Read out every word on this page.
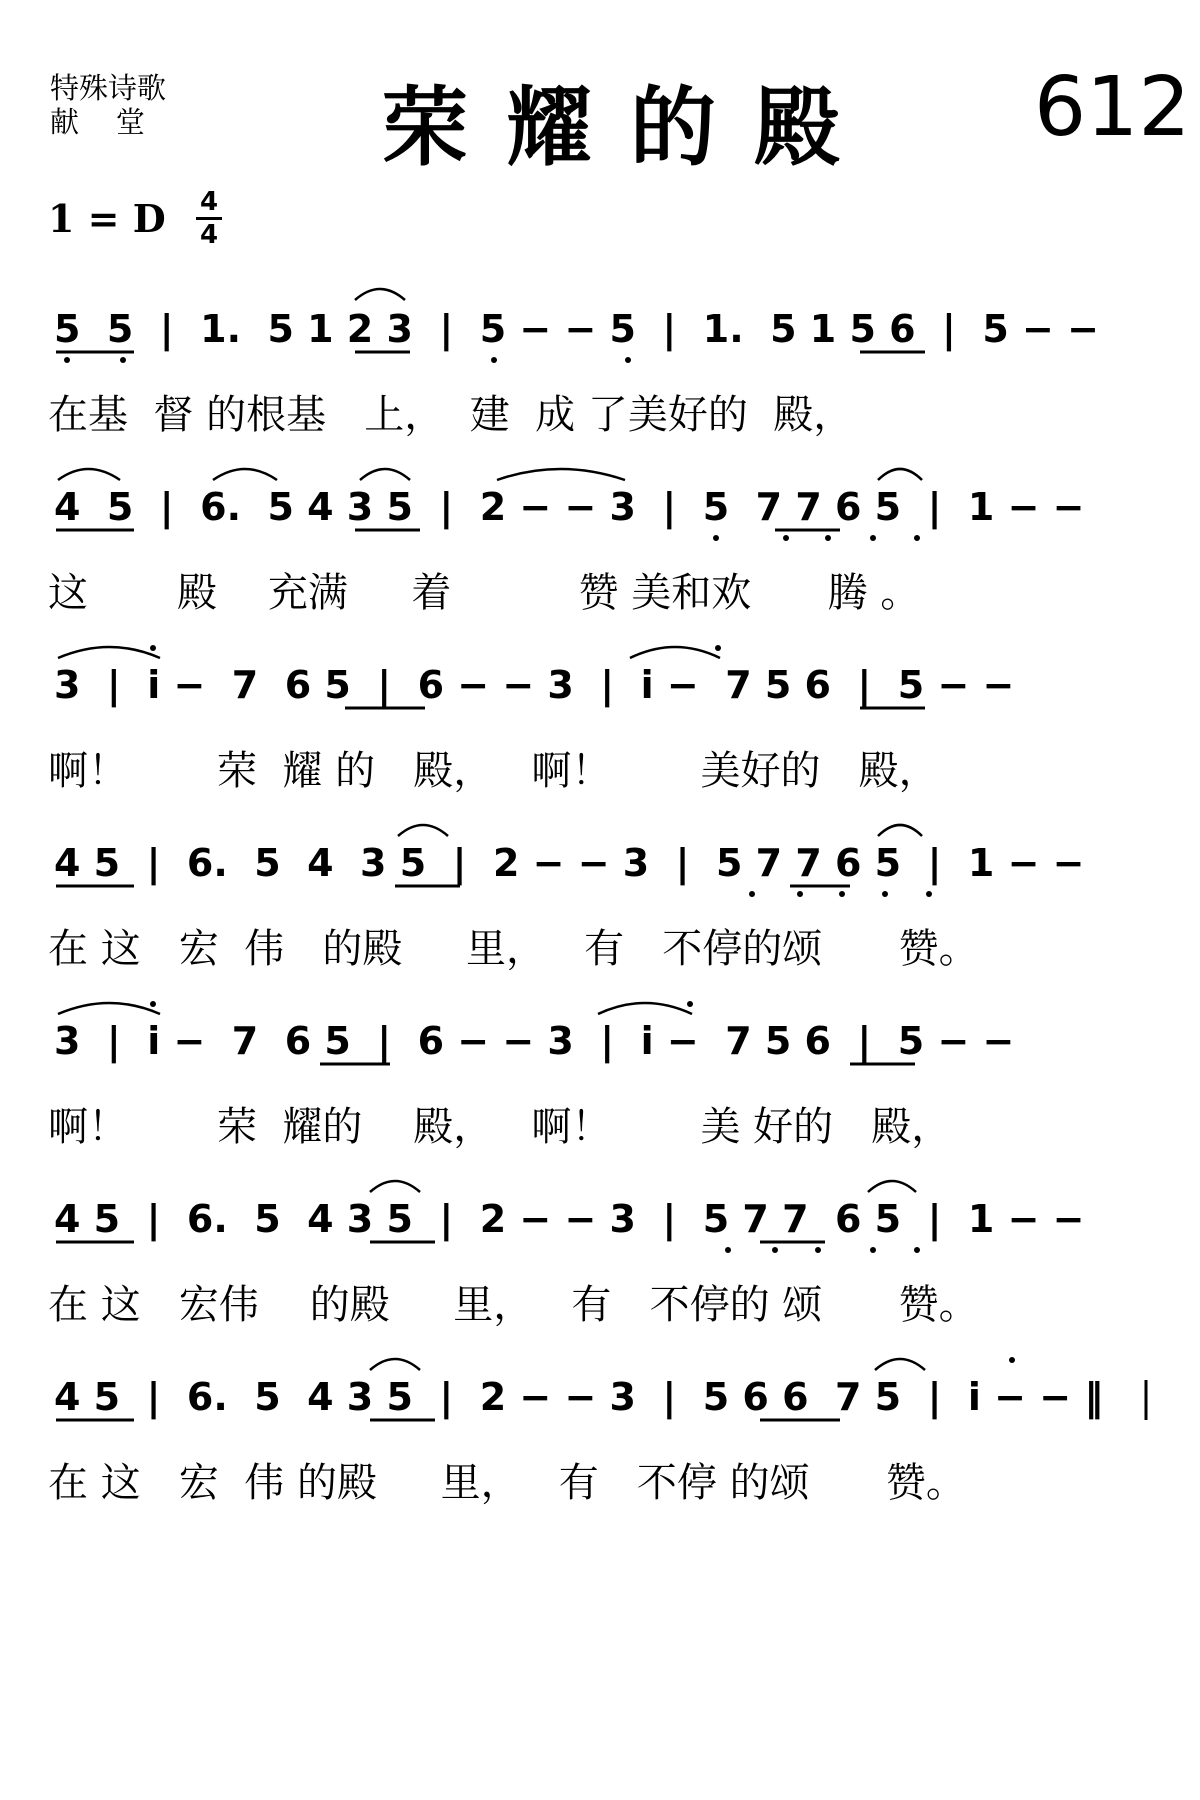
特殊诗歌
献    堂	荣耀的殿 612
1 = D 4
4
5  5  |  1.  5 1 2 3  |  5 − − 5  |  1.  5 1 5 6  |  5 − −
在基  督 的根基   上，  建  成 了美好的  殿，
4  5  |  6.  5 4 3 5  |  2 − − 3  |  5  7 7 6 5  |  1 − −
这       殿    充满     着          赞 美和欢      腾 。
3  |  i −  7  6 5  |  6 − − 3  |  i −  7 5 6  |  5 − −
啊！       荣  耀 的   殿，   啊！       美好的   殿，
4 5  |  6.  5  4  3 5  |  2 − − 3  |  5 7 7 6 5  |  1 − −
在 这   宏  伟   的殿     里，   有   不停的颂      赞。
3  |  i −  7  6 5  |  6 − − 3  |  i −  7 5 6  |  5 − −
啊！       荣  耀的    殿，   啊！       美 好的   殿，
4 5  |  6.  5  4 3 5  |  2 − − 3  |  5 7 7  6 5  |  1 − −
在 这   宏伟    的殿     里，   有   不停的 颂      赞。
4 5  |  6.  5  4 3 5  |  2 − − 3  |  5 6 6  7 5  |  i − − ‖
在 这   宏  伟 的殿     里，   有   不停 的颂      赞。
